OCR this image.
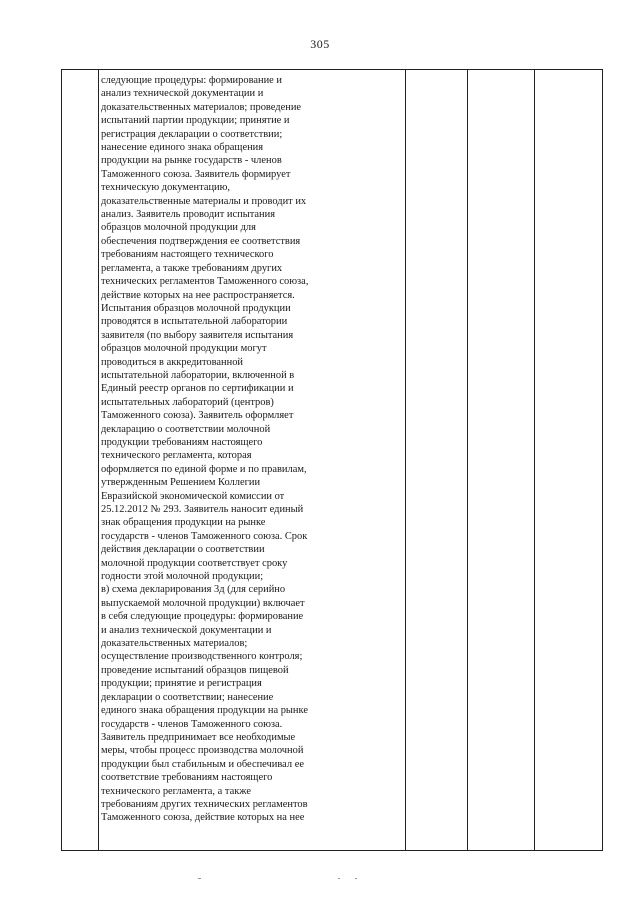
305
следующие процедуры: формирование и
анализ технической документации и
доказательственных материалов; проведение
испытаний партии продукции; принятие и
регистрация декларации о соответствии;
нанесение единого знака обращения
продукции на рынке государств - членов
Таможенного союза. Заявитель формирует
техническую документацию,
доказательственные материалы и проводит их
анализ. Заявитель проводит испытания
образцов молочной продукции для
обеспечения подтверждения ее соответствия
требованиям настоящего технического
регламента, а также требованиям других
технических регламентов Таможенного союза,
действие которых на нее распространяется.
Испытания образцов молочной продукции
проводятся в испытательной лаборатории
заявителя (по выбору заявителя испытания
образцов молочной продукции могут
проводиться в аккредитованной
испытательной лаборатории, включенной в
Единый реестр органов по сертификации и
испытательных лабораторий (центров)
Таможенного союза). Заявитель оформляет
декларацию о соответствии молочной
продукции требованиям настоящего
технического регламента, которая
оформляется по единой форме и по правилам,
утвержденным Решением Коллегии
Евразийской экономической комиссии от
25.12.2012 № 293. Заявитель наносит единый
знак обращения продукции на рынке
государств - членов Таможенного союза. Срок
действия декларации о соответствии
молочной продукции соответствует сроку
годности этой молочной продукции;
в) схема декларирования 3д (для серийно
выпускаемой молочной продукции) включает
в себя следующие процедуры: формирование
и анализ технической документации и
доказательственных материалов;
осуществление производственного контроля;
проведение испытаний образцов пищевой
продукции; принятие и регистрация
декларации о соответствии; нанесение
единого знака обращения продукции на рынке
государств - членов Таможенного союза.
Заявитель предпринимает все необходимые
меры, чтобы процесс производства молочной
продукции был стабильным и обеспечивал ее
соответствие требованиям настоящего
технического регламента, а также
требованиям других технических регламентов
Таможенного союза, действие которых на нее
